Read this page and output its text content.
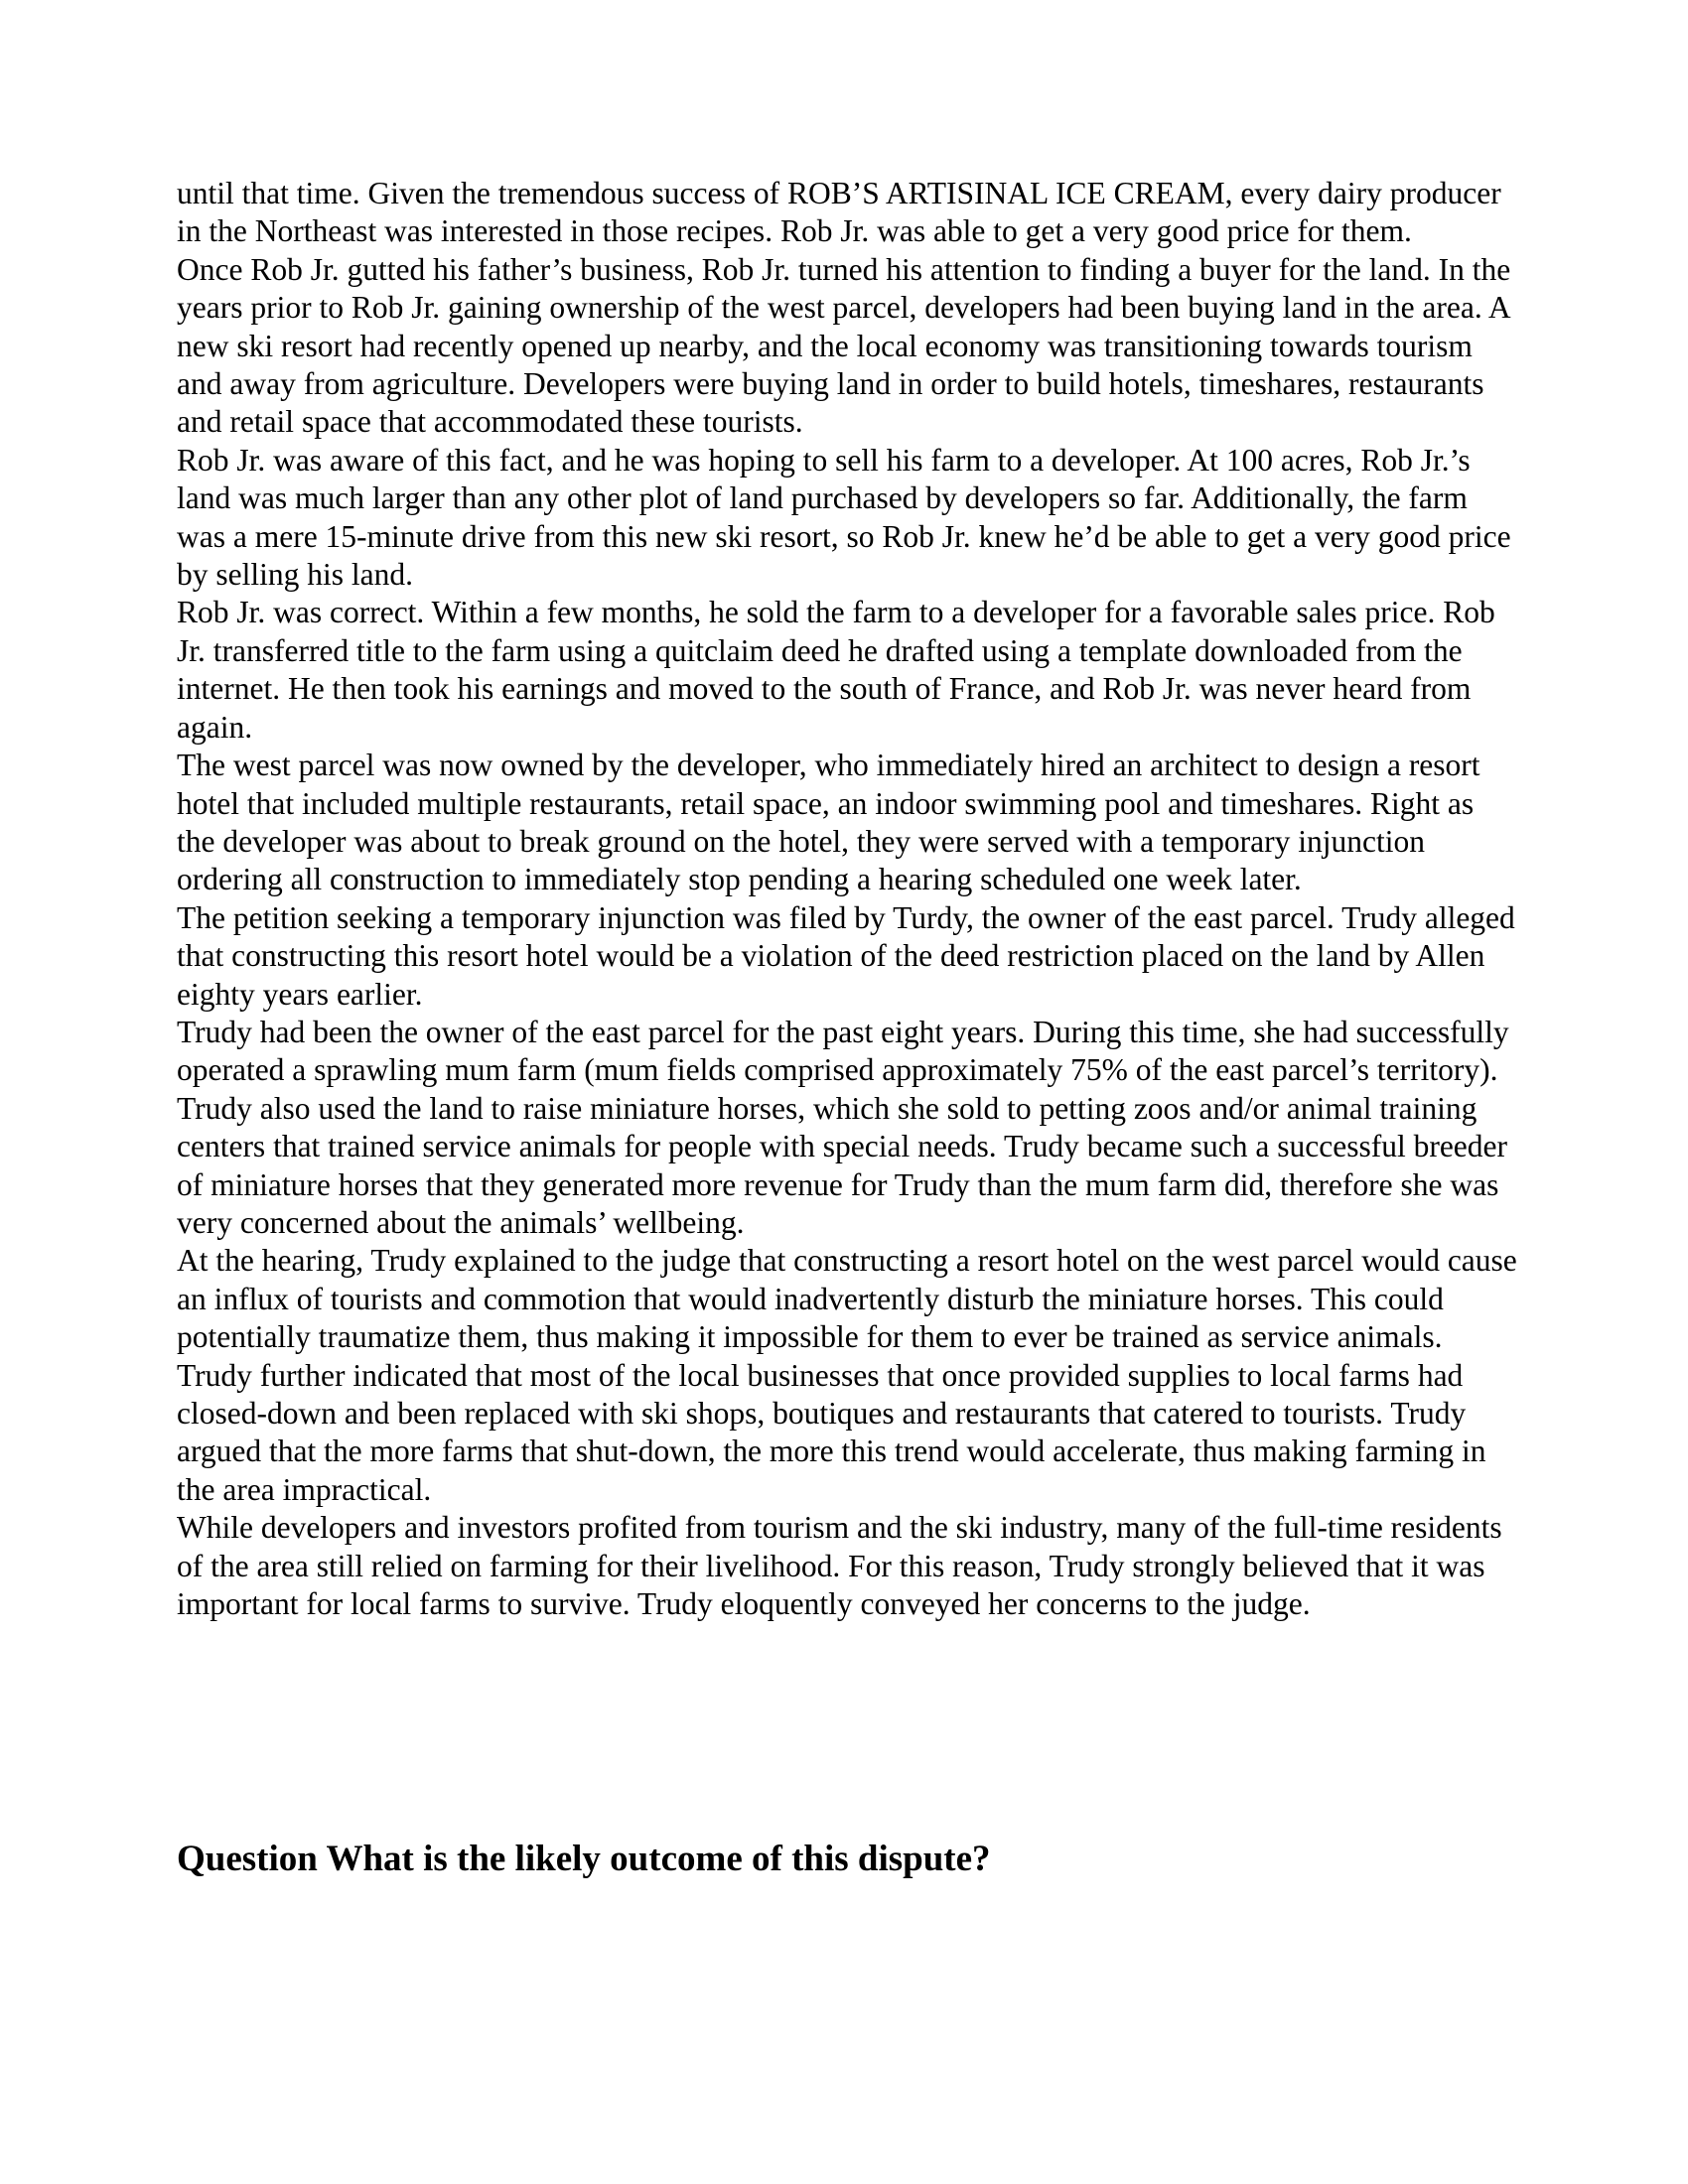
until that time. Given the tremendous success of ROB’S ARTISINAL ICE CREAM, every dairy producer in the Northeast was interested in those recipes. Rob Jr. was able to get a very good price for them.

Once Rob Jr. gutted his father’s business, Rob Jr. turned his attention to finding a buyer for the land. In the years prior to Rob Jr. gaining ownership of the west parcel, developers had been buying land in the area. A new ski resort had recently opened up nearby, and the local economy was transitioning towards tourism and away from agriculture. Developers were buying land in order to build hotels, timeshares, restaurants and retail space that accommodated these tourists.

Rob Jr. was aware of this fact, and he was hoping to sell his farm to a developer. At 100 acres, Rob Jr.’s land was much larger than any other plot of land purchased by developers so far. Additionally, the farm was a mere 15-minute drive from this new ski resort, so Rob Jr. knew he’d be able to get a very good price by selling his land.

Rob Jr. was correct. Within a few months, he sold the farm to a developer for a favorable sales price. Rob Jr. transferred title to the farm using a quitclaim deed he drafted using a template downloaded from the internet. He then took his earnings and moved to the south of France, and Rob Jr. was never heard from again.

The west parcel was now owned by the developer, who immediately hired an architect to design a resort hotel that included multiple restaurants, retail space, an indoor swimming pool and timeshares. Right as the developer was about to break ground on the hotel, they were served with a temporary injunction ordering all construction to immediately stop pending a hearing scheduled one week later.

The petition seeking a temporary injunction was filed by Turdy, the owner of the east parcel. Trudy alleged that constructing this resort hotel would be a violation of the deed restriction placed on the land by Allen eighty years earlier.

Trudy had been the owner of the east parcel for the past eight years. During this time, she had successfully operated a sprawling mum farm (mum fields comprised approximately 75% of the east parcel’s territory). Trudy also used the land to raise miniature horses, which she sold to petting zoos and/or animal training centers that trained service animals for people with special needs. Trudy became such a successful breeder of miniature horses that they generated more revenue for Trudy than the mum farm did, therefore she was very concerned about the animals’ wellbeing.

At the hearing, Trudy explained to the judge that constructing a resort hotel on the west parcel would cause an influx of tourists and commotion that would inadvertently disturb the miniature horses. This could potentially traumatize them, thus making it impossible for them to ever be trained as service animals.

Trudy further indicated that most of the local businesses that once provided supplies to local farms had closed-down and been replaced with ski shops, boutiques and restaurants that catered to tourists. Trudy argued that the more farms that shut-down, the more this trend would accelerate, thus making farming in the area impractical.

While developers and investors profited from tourism and the ski industry, many of the full-time residents of the area still relied on farming for their livelihood. For this reason, Trudy strongly believed that it was important for local farms to survive. Trudy eloquently conveyed her concerns to the judge.

Question What is the likely outcome of this dispute?
